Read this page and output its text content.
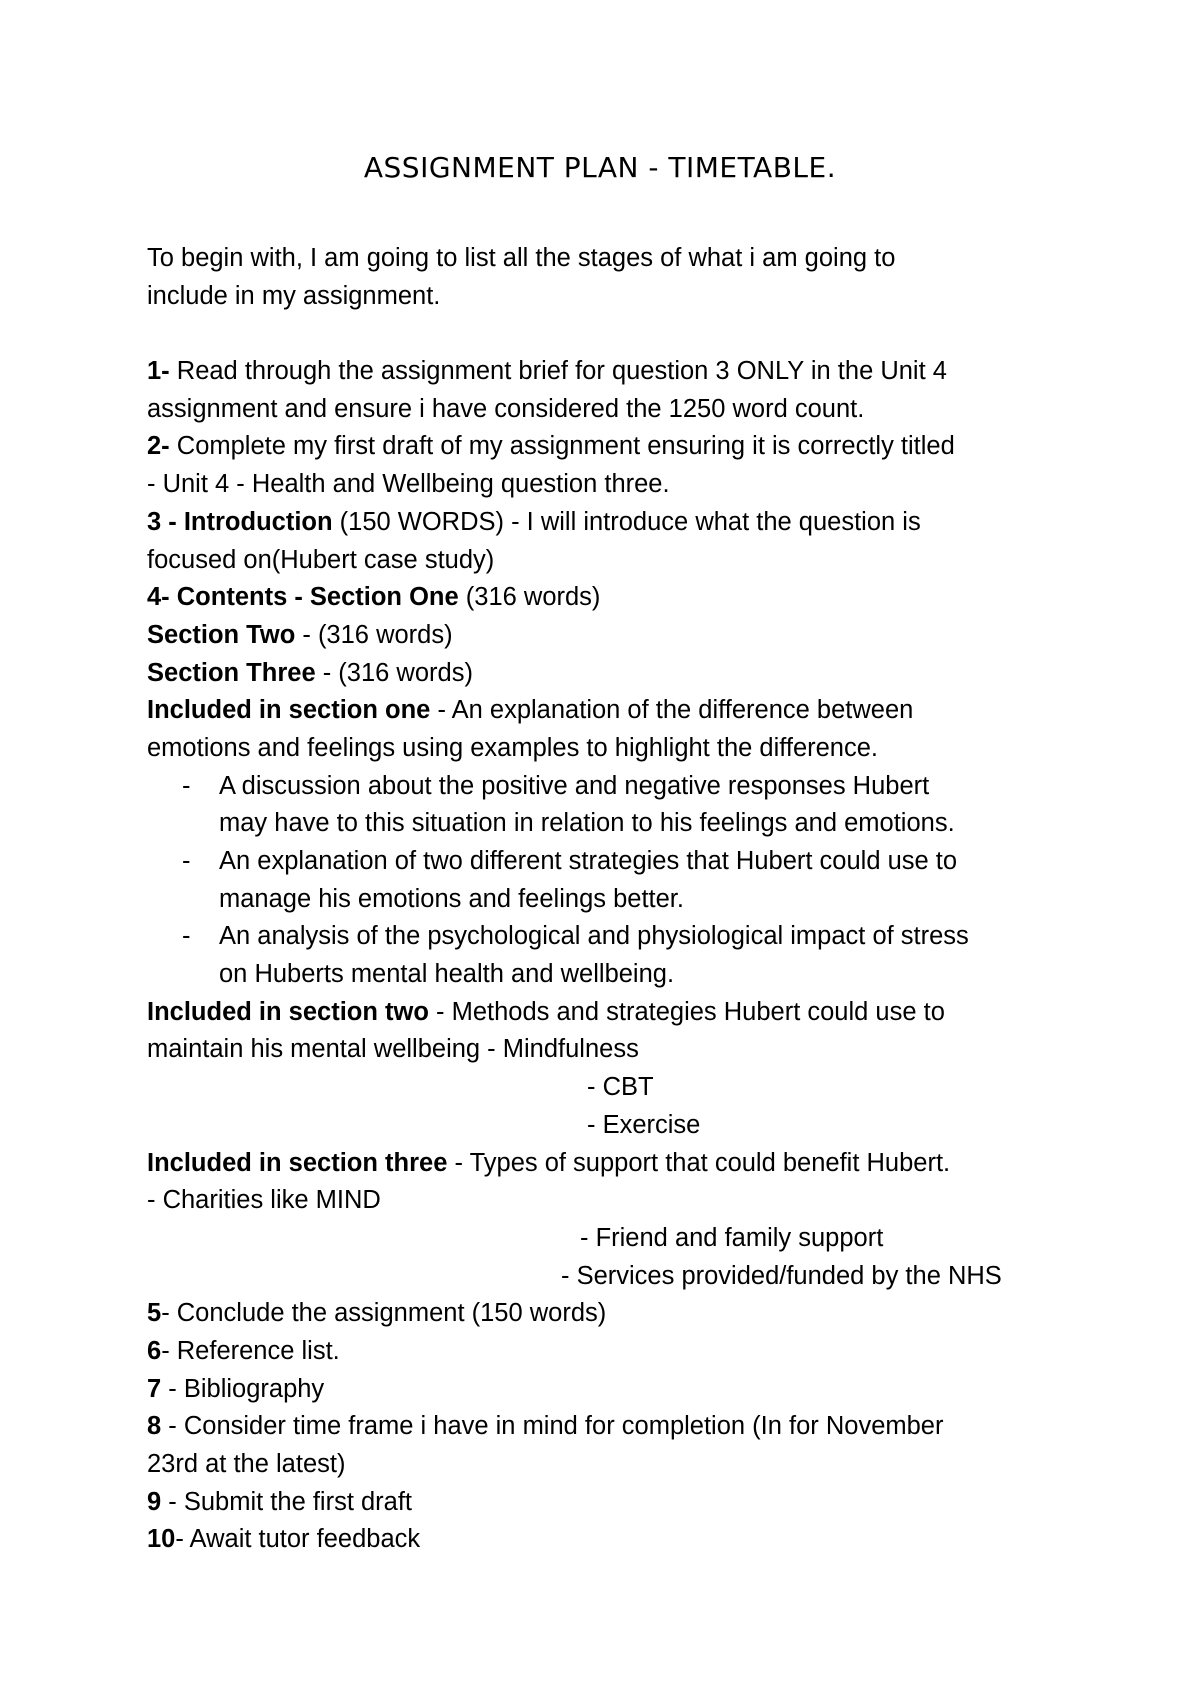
ASSIGNMENT PLAN - TIMETABLE.
To begin with, I am going to list all the stages of what i am going to
include in my assignment.
1- Read through the assignment brief for question 3 ONLY in the Unit 4
assignment and ensure i have considered the 1250 word count.
2- Complete my first draft of my assignment ensuring it is correctly titled
- Unit 4 - Health and Wellbeing question three.
3 - Introduction (150 WORDS) - I will introduce what the question is
focused on(Hubert case study)
4- Contents - Section One (316 words)
Section Two - (316 words)
Section Three - (316 words)
Included in section one - An explanation of the difference between
emotions and feelings using examples to highlight the difference.
- A discussion about the positive and negative responses Hubert
may have to this situation in relation to his feelings and emotions.
- An explanation of two different strategies that Hubert could use to
manage his emotions and feelings better.
- An analysis of the psychological and physiological impact of stress
on Huberts mental health and wellbeing.
Included in section two - Methods and strategies Hubert could use to
maintain his mental wellbeing - Mindfulness
- CBT
- Exercise
Included in section three - Types of support that could benefit Hubert.
- Charities like MIND
- Friend and family support
- Services provided/funded by the NHS
5- Conclude the assignment (150 words)
6- Reference list.
7 - Bibliography
8 - Consider time frame i have in mind for completion (In for November
23rd at the latest)
9 - Submit the first draft
10- Await tutor feedback
